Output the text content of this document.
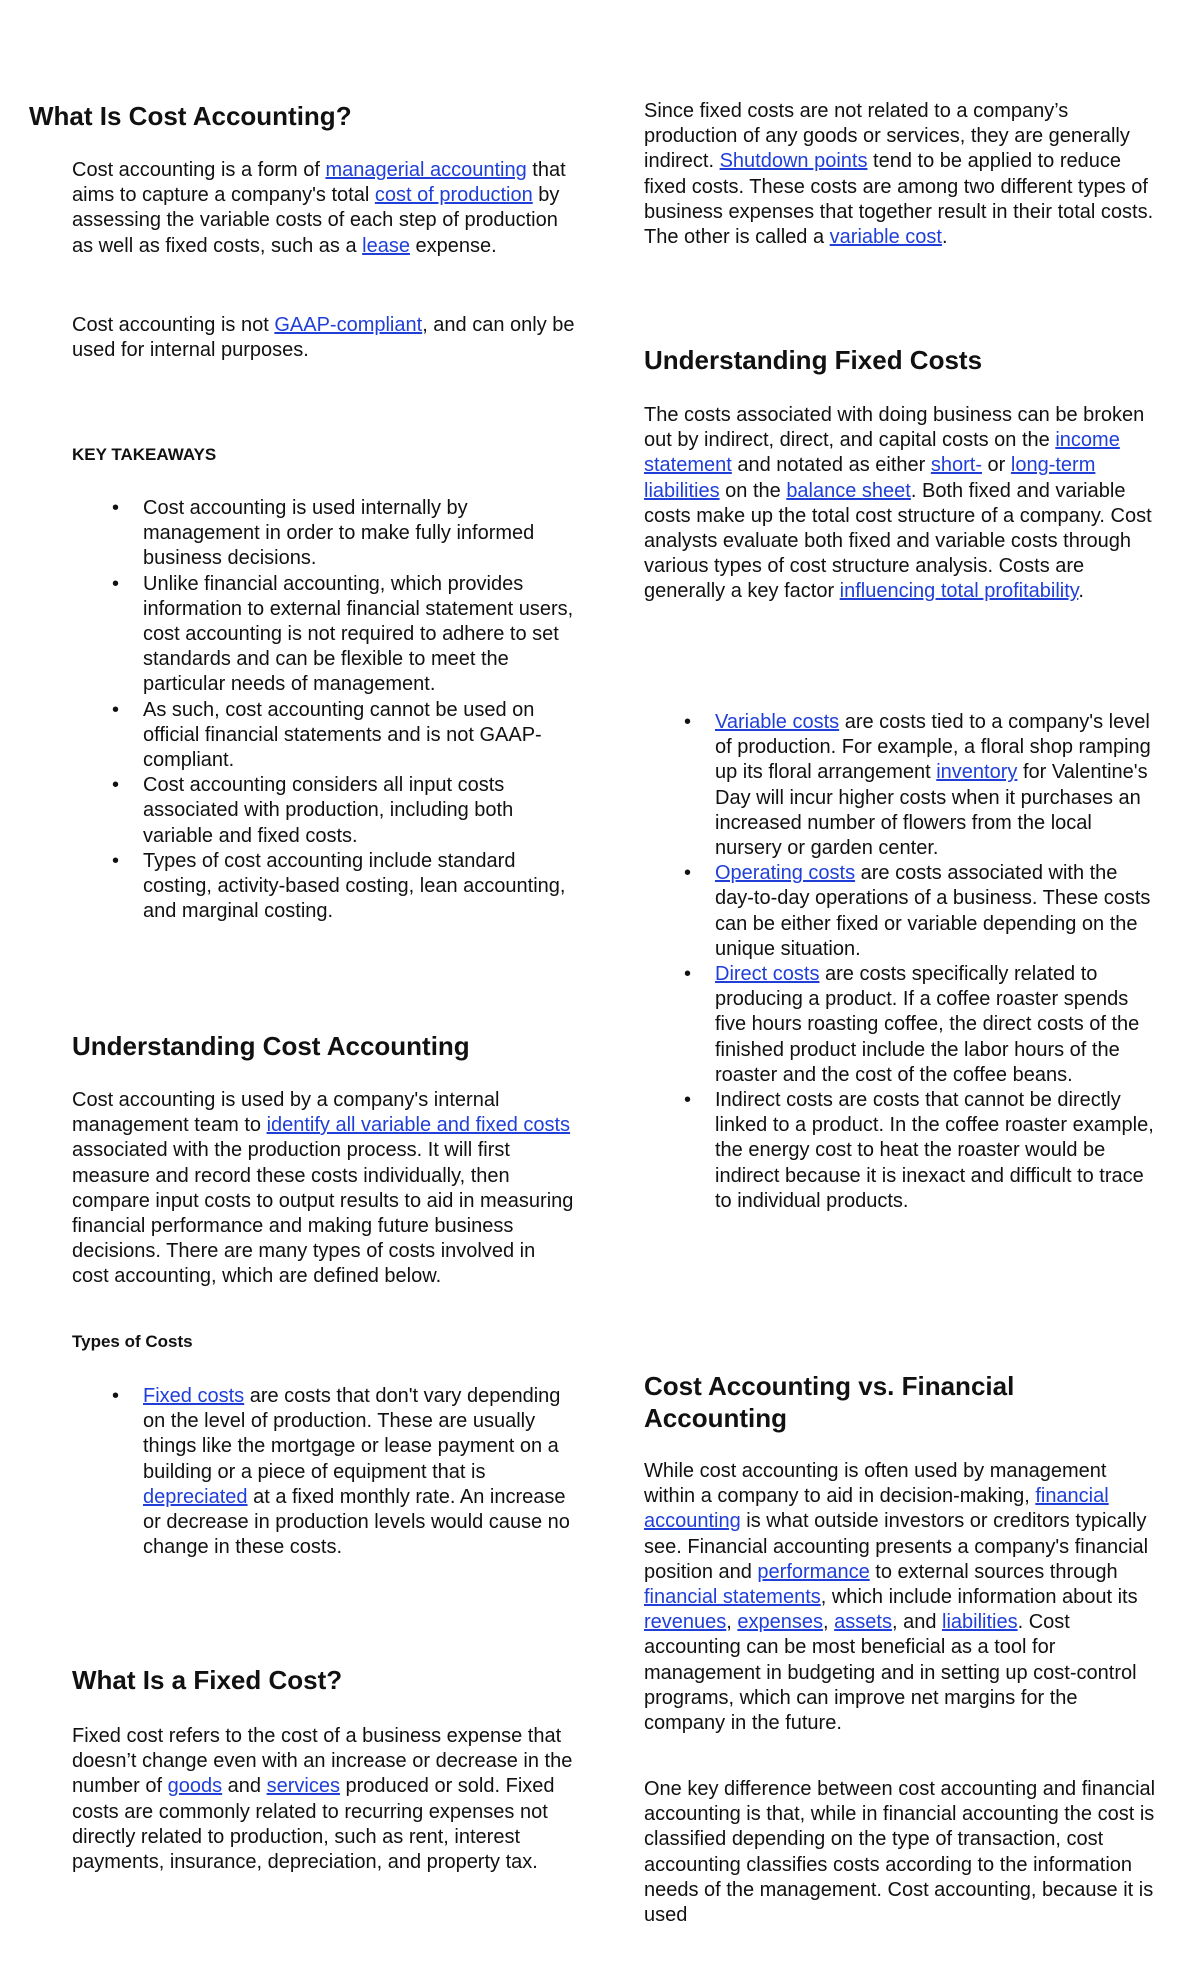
What Is Cost Accounting?

Cost accounting is a form of managerial accounting that aims to capture a company's total cost of production by assessing the variable costs of each step of production as well as fixed costs, such as a lease expense.

Cost accounting is not GAAP-compliant, and can only be used for internal purposes.

KEY TAKEAWAYS

• Cost accounting is used internally by management in order to make fully informed business decisions.
• Unlike financial accounting, which provides information to external financial statement users, cost accounting is not required to adhere to set standards and can be flexible to meet the particular needs of management.
• As such, cost accounting cannot be used on official financial statements and is not GAAP-compliant.
• Cost accounting considers all input costs associated with production, including both variable and fixed costs.
• Types of cost accounting include standard costing, activity-based costing, lean accounting, and marginal costing.
Understanding Cost Accounting

Cost accounting is used by a company's internal management team to identify all variable and fixed costs associated with the production process. It will first measure and record these costs individually, then compare input costs to output results to aid in measuring financial performance and making future business decisions. There are many types of costs involved in cost accounting, which are defined below.

Types of Costs

• Fixed costs are costs that don't vary depending on the level of production. These are usually things like the mortgage or lease payment on a building or a piece of equipment that is depreciated at a fixed monthly rate. An increase or decrease in production levels would cause no change in these costs.
What Is a Fixed Cost?

Fixed cost refers to the cost of a business expense that doesn’t change even with an increase or decrease in the number of goods and services produced or sold. Fixed costs are commonly related to recurring expenses not directly related to production, such as rent, interest payments, insurance, depreciation, and property tax.

Since fixed costs are not related to a company’s production of any goods or services, they are generally indirect. Shutdown points tend to be applied to reduce fixed costs. These costs are among two different types of business expenses that together result in their total costs. The other is called a variable cost.

Understanding Fixed Costs

The costs associated with doing business can be broken out by indirect, direct, and capital costs on the income statement and notated as either short- or long-term liabilities on the balance sheet. Both fixed and variable costs make up the total cost structure of a company. Cost analysts evaluate both fixed and variable costs through various types of cost structure analysis. Costs are generally a key factor influencing total profitability.

• Variable costs are costs tied to a company's level of production. For example, a floral shop ramping up its floral arrangement inventory for Valentine's Day will incur higher costs when it purchases an increased number of flowers from the local nursery or garden center.
• Operating costs are costs associated with the day-to-day operations of a business. These costs can be either fixed or variable depending on the unique situation.
• Direct costs are costs specifically related to producing a product. If a coffee roaster spends five hours roasting coffee, the direct costs of the finished product include the labor hours of the roaster and the cost of the coffee beans.
• Indirect costs are costs that cannot be directly linked to a product. In the coffee roaster example, the energy cost to heat the roaster would be indirect because it is inexact and difficult to trace to individual products.
Cost Accounting vs. Financial Accounting

While cost accounting is often used by management within a company to aid in decision-making, financial accounting is what outside investors or creditors typically see. Financial accounting presents a company's financial position and performance to external sources through financial statements, which include information about its revenues, expenses, assets, and liabilities. Cost accounting can be most beneficial as a tool for management in budgeting and in setting up cost-control programs, which can improve net margins for the company in the future.

One key difference between cost accounting and financial accounting is that, while in financial accounting the cost is classified depending on the type of transaction, cost accounting classifies costs according to the information needs of the management. Cost accounting, because it is used
